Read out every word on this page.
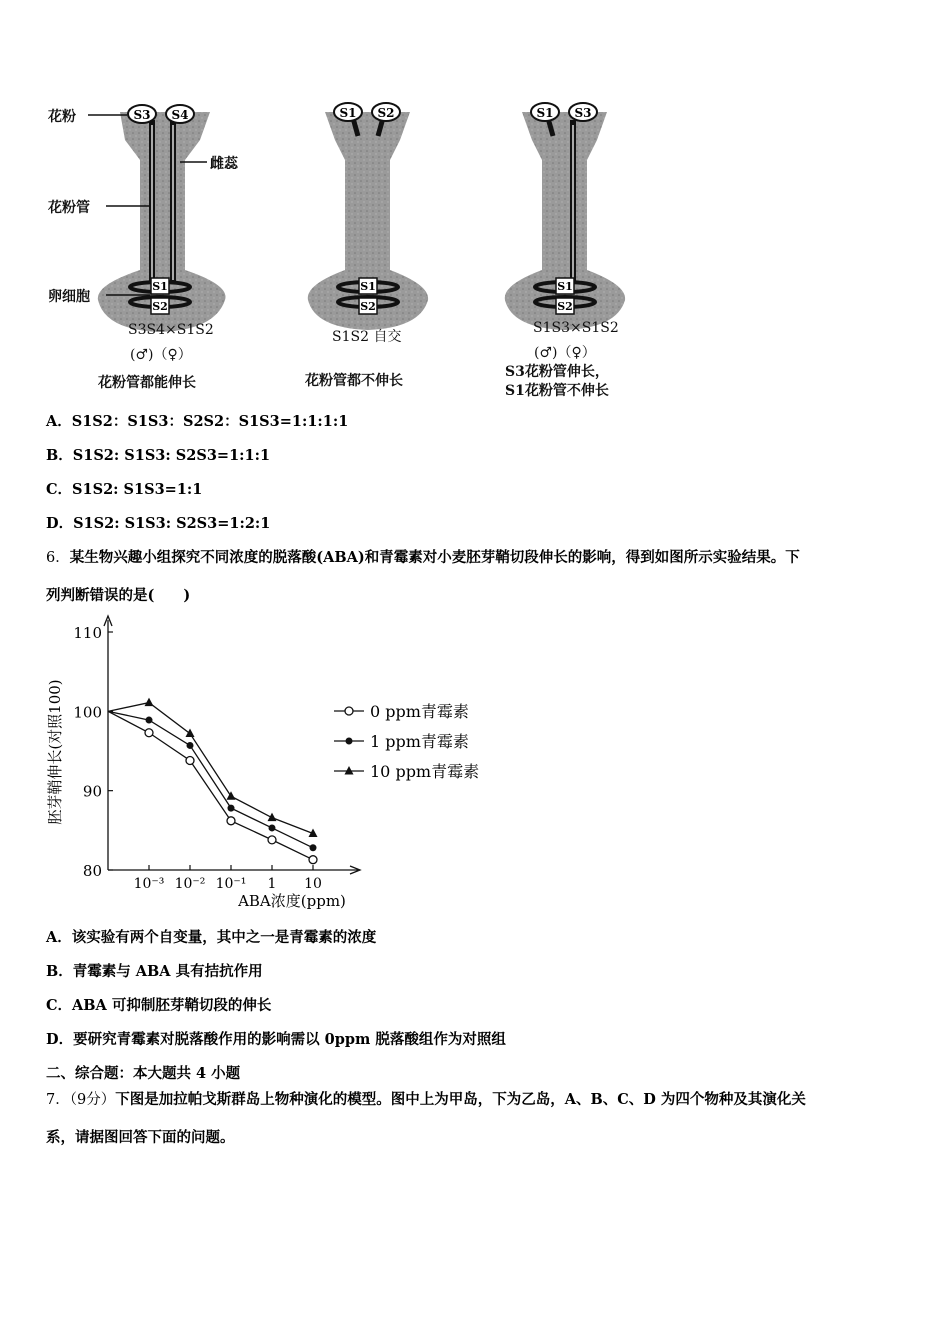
S3 S4
S1
S2
S1 S2
S1
S2
S1 S3
S1
S2
花粉
雌蕊
花粉管
卵细胞
S3S4×S1S2
(♂)（♀）
花粉管都能伸长
S1S2 自交
花粉管都不伸长
S1S3×S1S2
(♂)（♀）
S3花粉管伸长，
S1花粉管不伸长
A．S1S2：S1S3：S2S2：S1S3=1:1:1:1
B．S1S2: S1S3: S2S3=1:1:1
C．S1S2: S1S3=1:1
D．S1S2: S1S3: S2S3=1:2:1
6．某生物兴趣小组探究不同浓度的脱落酸(ABA)和青霉素对小麦胚芽鞘切段伸长的影响，得到如图所示实验结果。下
列判断错误的是(　　)
80
90
100
110
10⁻³ 10⁻² 10⁻¹ 1 10
ABA浓度(ppm)
胚芽鞘伸长(对照100)	0 ppm青霉素
1 ppm青霉素
10 ppm青霉素
A．该实验有两个自变量，其中之一是青霉素的浓度
B．青霉素与 ABA 具有拮抗作用
C．ABA 可抑制胚芽鞘切段的伸长
D．要研究青霉素对脱落酸作用的影响需以 0ppm 脱落酸组作为对照组
二、综合题：本大题共 4 小题
7．（9分）下图是加拉帕戈斯群岛上物种演化的模型。图中上为甲岛，下为乙岛，A、B、C、D 为四个物种及其演化关
系，请据图回答下面的问题。
